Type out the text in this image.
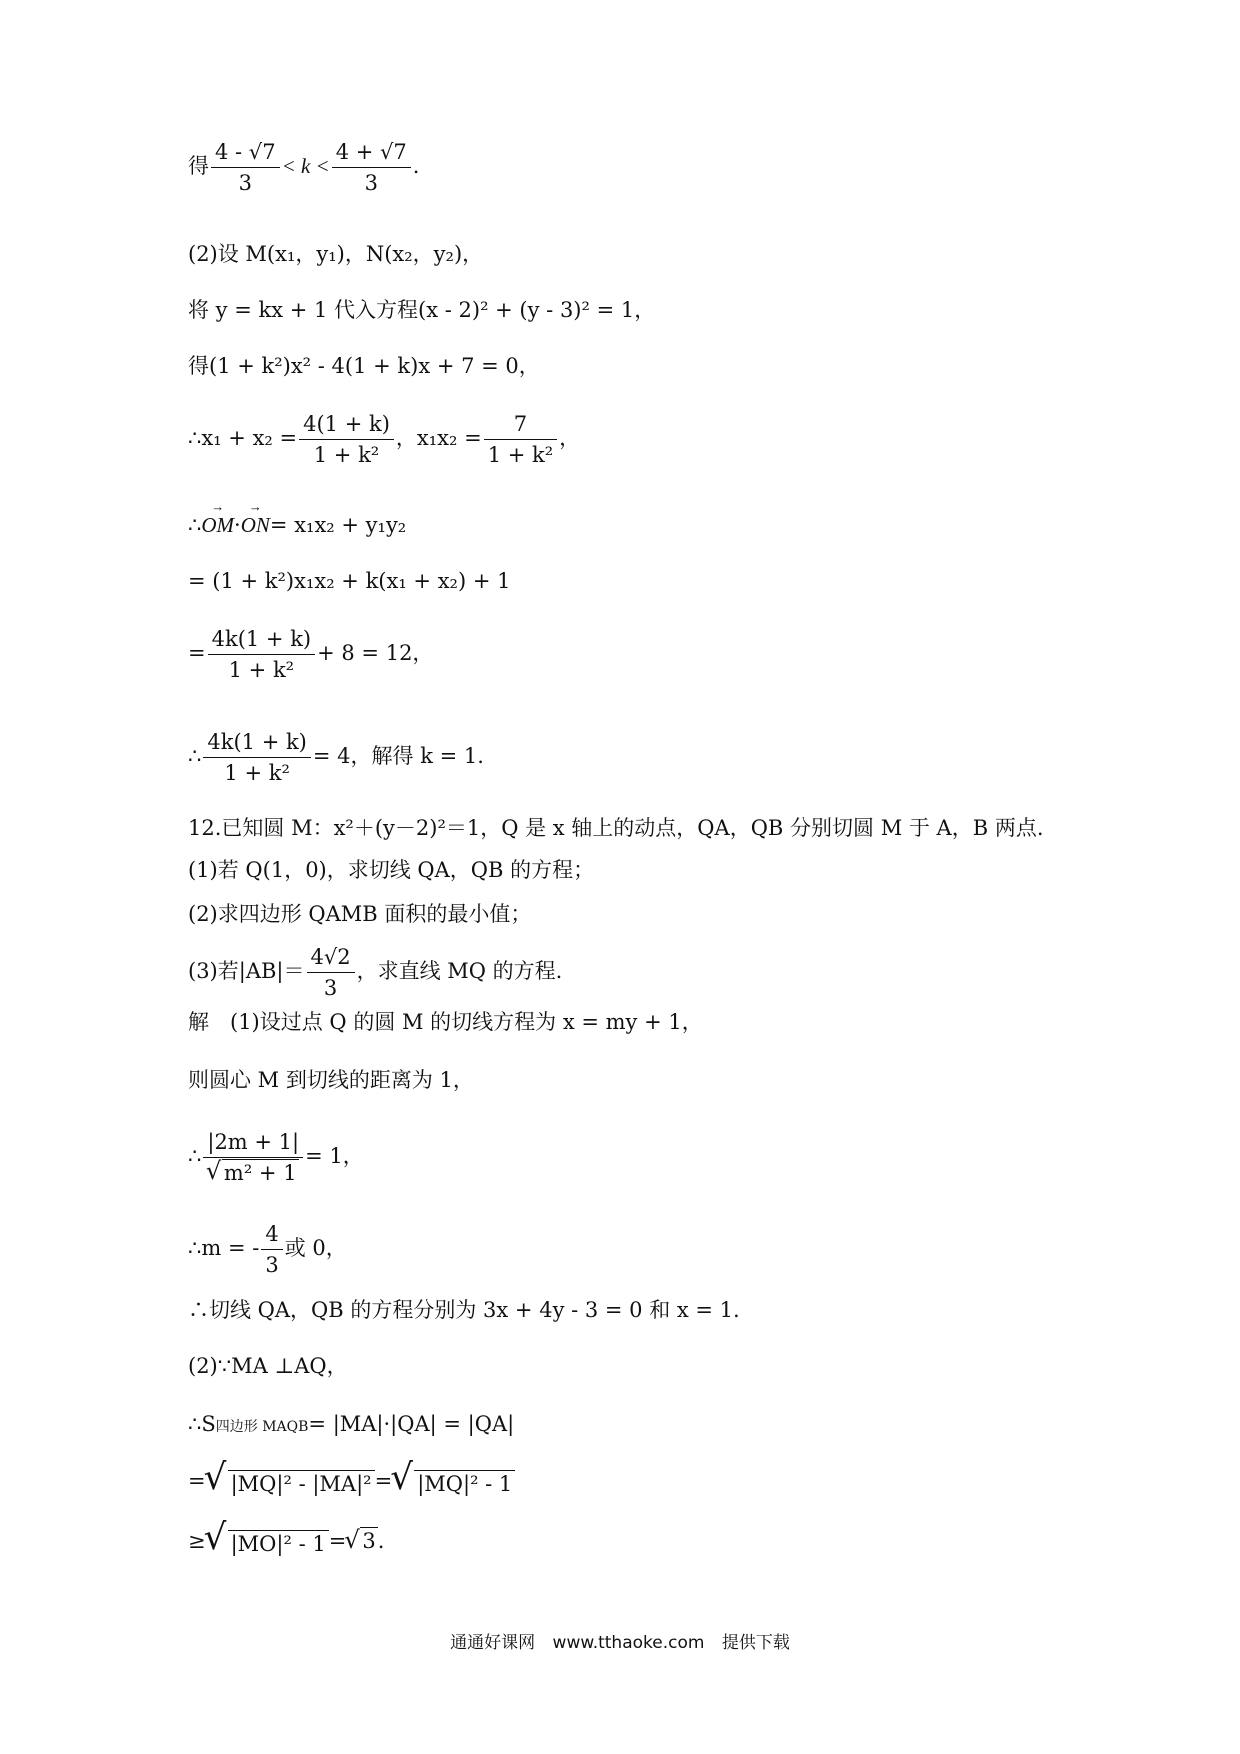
得 $\frac{4 - √7}{3} < k < \frac{4 + √7}{3}$ .
(2)设 M(x₁，y₁)，N(x₂，y₂)，
将 y = kx + 1 代入方程(x - 2)² + (y - 3)² = 1，
得(1 + k²)x² - 4(1 + k)x + 7 = 0，
∴x₁ + $x_2 = \frac{4(1 + k)}{\text{1 + k²}}$ ，$x_1x_2 = \frac{7}{\text{1 + k²}}$ ，
∴→ OM·→ ON= x₁x₂ + y₁y₂
= (1 + k²)x₁x₂ + k(x₁ + x₂) + 1
= $\frac{4k(1 + k)}{\text{1 + k²}} + 8 = 12$，
∴ $\frac{4k(1 + k)}{\text{1 + k²}} = 4$，解得 k = 1.
12.已知圆 M：x²＋(y－2)²＝1，Q 是 x 轴上的动点，QA，QB 分别切圆 M 于 A，B 两点.
(1)若 Q(1，0)，求切线 QA，QB 的方程；
(2)求四边形 QAMB 面积的最小值；
(3)若$|AB|= \frac{4√2}{3}$ ，求直线 MQ 的方程.
解　(1)设过点 Q 的圆 M 的切线方程为 x = my + 1，
则圆心 M 到切线的距离为 1，
∴ |2m + 1|
√ m² + 1 = 1，
∴m = - $\frac{4}{3}$ 或 0，
∴切线 QA，QB 的方程分别为 3x + 4y - 3 = 0 和 x = 1.
(2)∵MA ⊥AQ，
∴S四边形 MAQB= |MA|·|QA| = |QA|
= √ |MQ|² - |MA|² = √ |MQ|² - 1
≥ √ |MO|² - 1 = √ 3.
通通好课网 www.tthaoke.com 提供下载
